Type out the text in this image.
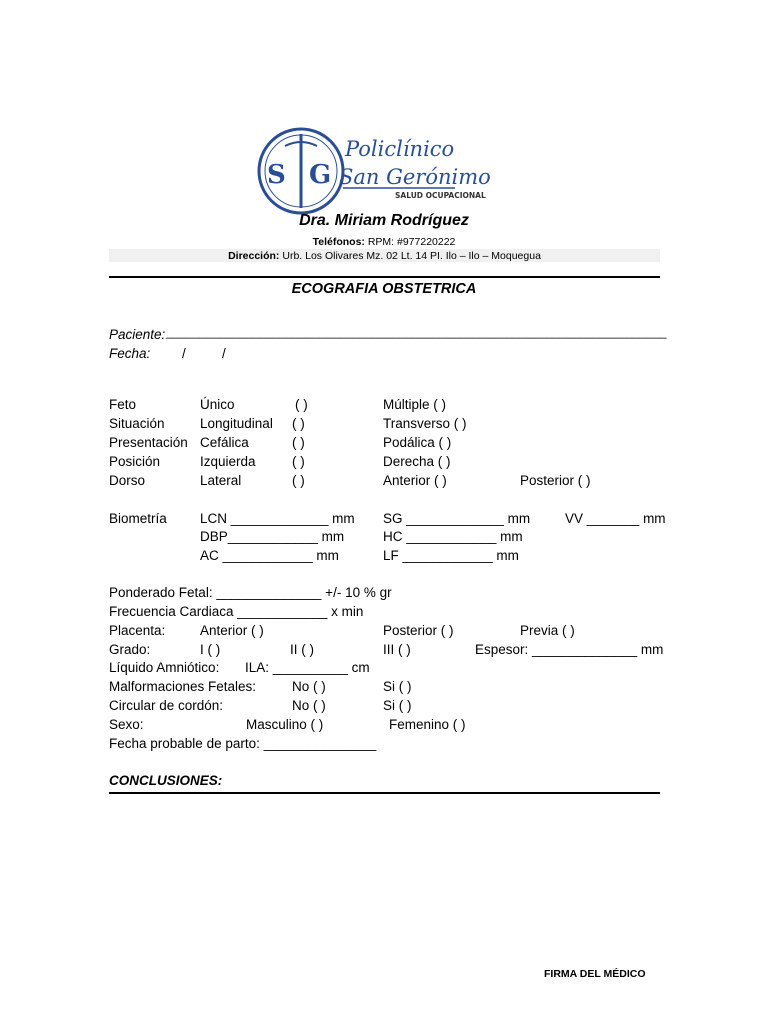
S G
Policlínico
San Gerónimo
SALUD OCUPACIONAL
Dra. Miriam Rodríguez
Teléfonos: RPM: #977220222
Dirección: Urb. Los Olivares Mz. 02 Lt. 14 PI. Ilo – Ilo – Moquegua
ECOGRAFIA OBSTETRICA
Paciente: ___________________________________________________________________________
Fecha: /	/
Feto	Único	( )	Múltiple ( )
Situación	Longitudinal ( )	Transverso ( )
Presentación Cefálica	( )	Podálica ( )
Posición	Izquierda	( )	Derecha ( )
Dorso	Lateral	( )	Anterior ( )	Posterior ( )
Biometría LCN _____________ mm SG _____________ mm	VV _______ mm
DBP____________ mm	HC ____________ mm
AC ____________ mm	LF ____________ mm
Ponderado Fetal: ______________ +/- 10 % gr
Frecuencia Cardiaca ____________ x min
Placenta:	Anterior ( )	Posterior ( )	Previa ( )
Grado:	I ( )	II ( )	III ( )	Espesor: ______________ mm
Líquido Amniótico: ILA: __________ cm
Malformaciones Fetales:	No ( )	Si ( )
Circular de cordón:	No ( )	Si ( )
Sexo:	Masculino ( )	Femenino ( )
Fecha probable de parto: _______________
CONCLUSIONES:
FIRMA DEL MÉDICO
